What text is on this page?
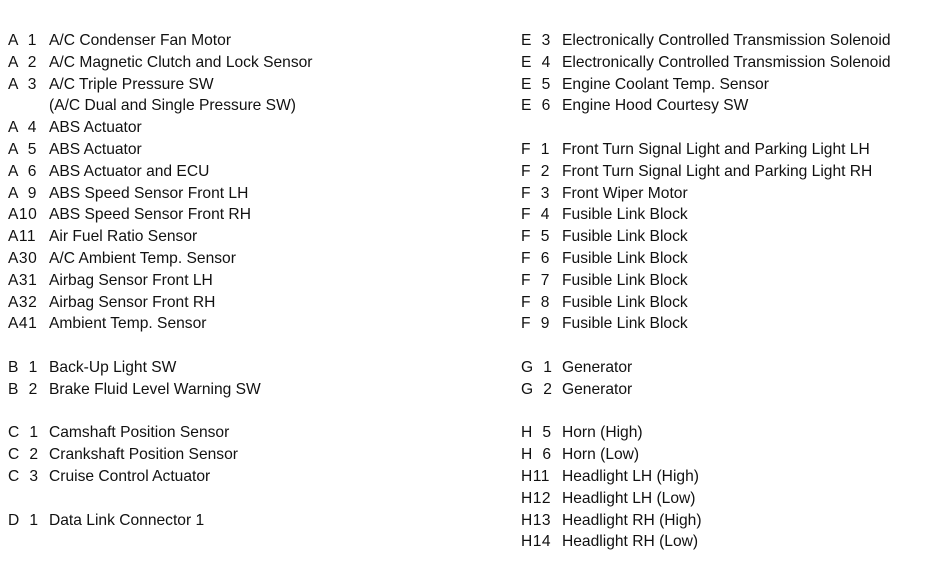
A  1 A/C Condenser Fan Motor
A  2 A/C Magnetic Clutch and Lock Sensor
A  3 A/C Triple Pressure SW
(A/C Dual and Single Pressure SW)
A  4 ABS Actuator
A  5 ABS Actuator
A  6 ABS Actuator and ECU
A  9 ABS Speed Sensor Front LH
A10 ABS Speed Sensor Front RH
A11 Air Fuel Ratio Sensor
A30 A/C Ambient Temp. Sensor
A31 Airbag Sensor Front LH
A32 Airbag Sensor Front RH
A41 Ambient Temp. Sensor
B  1 Back-Up Light SW
B  2 Brake Fluid Level Warning SW
C  1 Camshaft Position Sensor
C  2 Crankshaft Position Sensor
C  3 Cruise Control Actuator
D  1 Data Link Connector 1
E  3 Electronically Controlled Transmission Solenoid
E  4 Electronically Controlled Transmission Solenoid
E  5 Engine Coolant Temp. Sensor
E  6 Engine Hood Courtesy SW
F  1 Front Turn Signal Light and Parking Light LH
F  2 Front Turn Signal Light and Parking Light RH
F  3 Front Wiper Motor
F  4 Fusible Link Block
F  5 Fusible Link Block
F  6 Fusible Link Block
F  7 Fusible Link Block
F  8 Fusible Link Block
F  9 Fusible Link Block
G  1 Generator
G  2 Generator
H  5 Horn (High)
H  6 Horn (Low)
H11 Headlight LH (High)
H12 Headlight LH (Low)
H13 Headlight RH (High)
H14 Headlight RH (Low)
